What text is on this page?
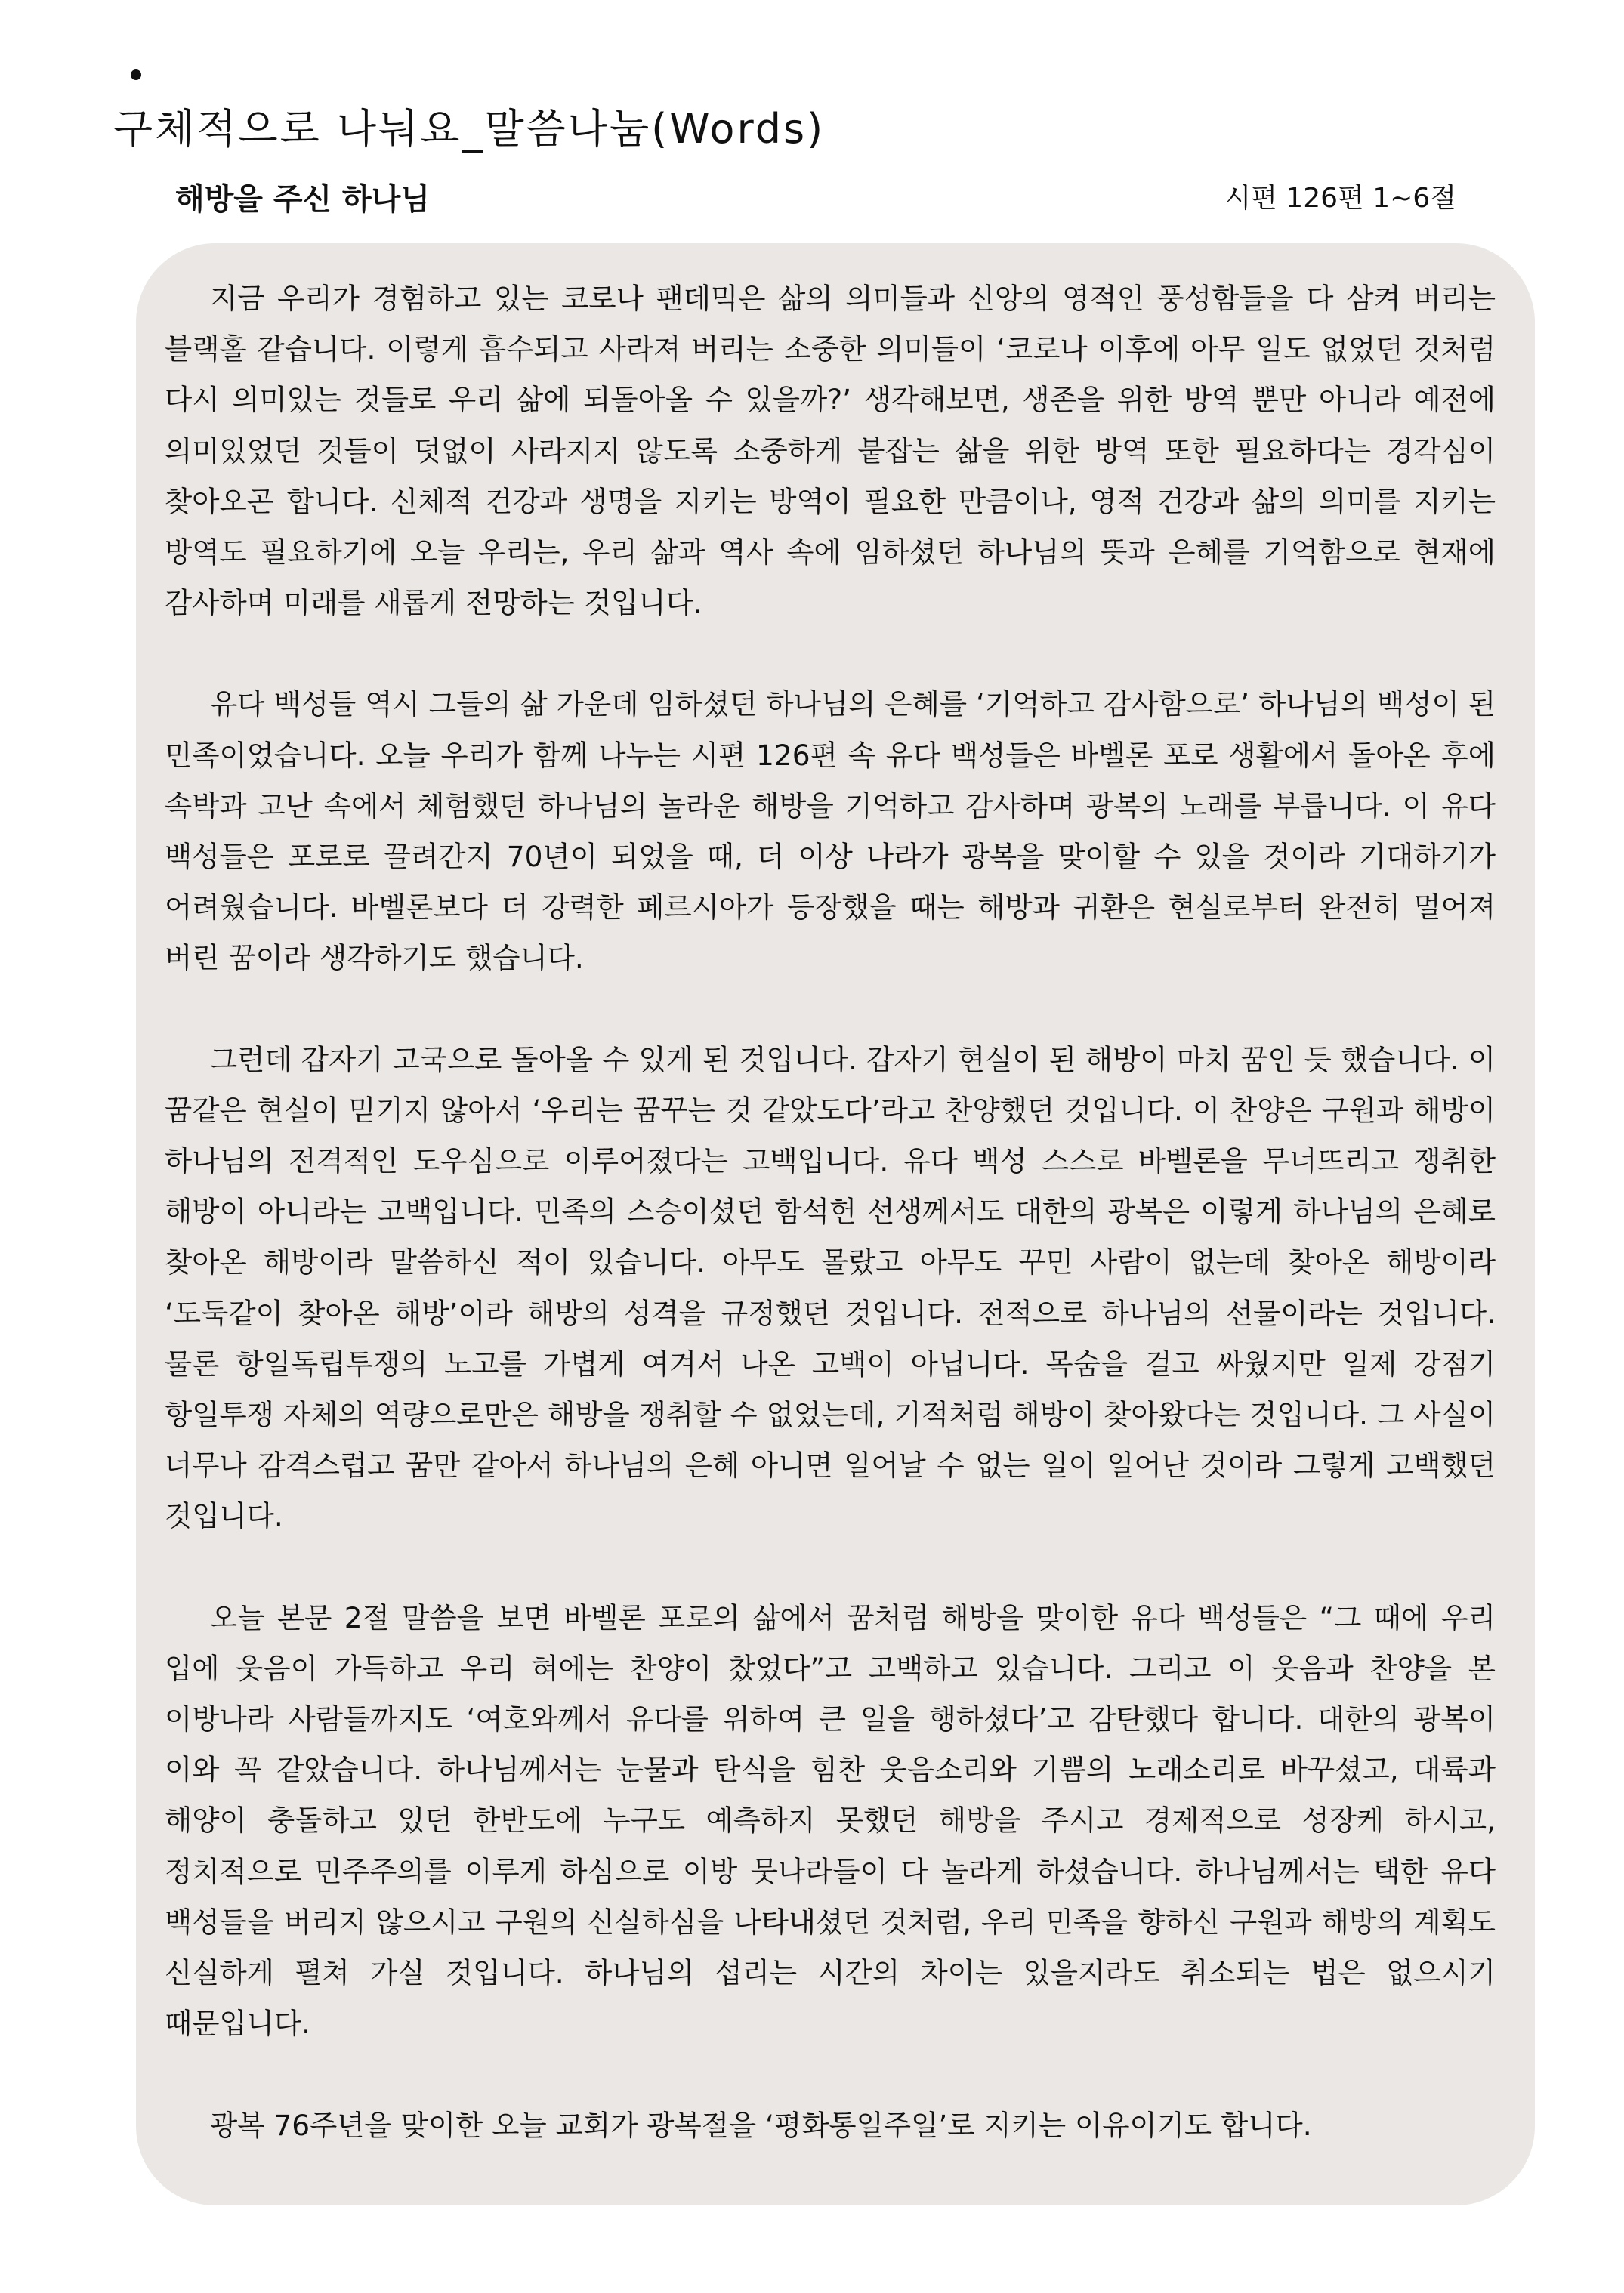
구체적으로 나눠요_말씀나눔(Words)
해방을 주신 하나님	시편 126편 1~6절

지금 우리가 경험하고 있는 코로나 팬데믹은 삶의 의미들과 신앙의 영적인 풍성함들을 다 삼켜 버리는 블랙홀 같습니다. 이렇게 흡수되고 사라져 버리는 소중한 의미들이 ‘코로나 이후에 아무 일도 없었던 것처럼 다시 의미있는 것들로 우리 삶에 되돌아올 수 있을까?’ 생각해보면, 생존을 위한 방역 뿐만 아니라 예전에 의미있었던 것들이 덧없이 사라지지 않도록 소중하게 붙잡는 삶을 위한 방역 또한 필요하다는 경각심이 찾아오곤 합니다. 신체적 건강과 생명을 지키는 방역이 필요한 만큼이나, 영적 건강과 삶의 의미를 지키는 방역도 필요하기에 오늘 우리는, 우리 삶과 역사 속에 임하셨던 하나님의 뜻과 은혜를 기억함으로 현재에 감사하며 미래를 새롭게 전망하는 것입니다.

유다 백성들 역시 그들의 삶 가운데 임하셨던 하나님의 은혜를 ‘기억하고 감사함으로’ 하나님의 백성이 된 민족이었습니다. 오늘 우리가 함께 나누는 시편 126편 속 유다 백성들은 바벨론 포로 생활에서 돌아온 후에 속박과 고난 속에서 체험했던 하나님의 놀라운 해방을 기억하고 감사하며 광복의 노래를 부릅니다. 이 유다 백성들은 포로로 끌려간지 70년이 되었을 때, 더 이상 나라가 광복을 맞이할 수 있을 것이라 기대하기가 어려웠습니다. 바벨론보다 더 강력한 페르시아가 등장했을 때는 해방과 귀환은 현실로부터 완전히 멀어져 버린 꿈이라 생각하기도 했습니다.

그런데 갑자기 고국으로 돌아올 수 있게 된 것입니다. 갑자기 현실이 된 해방이 마치 꿈인 듯 했습니다. 이 꿈같은 현실이 믿기지 않아서 ‘우리는 꿈꾸는 것 같았도다’라고 찬양했던 것입니다. 이 찬양은 구원과 해방이 하나님의 전격적인 도우심으로 이루어졌다는 고백입니다. 유다 백성 스스로 바벨론을 무너뜨리고 쟁취한 해방이 아니라는 고백입니다. 민족의 스승이셨던 함석헌 선생께서도 대한의 광복은 이렇게 하나님의 은혜로 찾아온 해방이라 말씀하신 적이 있습니다. 아무도 몰랐고 아무도 꾸민 사람이 없는데 찾아온 해방이라 ‘도둑같이 찾아온 해방’이라 해방의 성격을 규정했던 것입니다. 전적으로 하나님의 선물이라는 것입니다. 물론 항일독립투쟁의 노고를 가볍게 여겨서 나온 고백이 아닙니다. 목숨을 걸고 싸웠지만 일제 강점기 항일투쟁 자체의 역량으로만은 해방을 쟁취할 수 없었는데, 기적처럼 해방이 찾아왔다는 것입니다. 그 사실이 너무나 감격스럽고 꿈만 같아서 하나님의 은혜 아니면 일어날 수 없는 일이 일어난 것이라 그렇게 고백했던 것입니다.

오늘 본문 2절 말씀을 보면 바벨론 포로의 삶에서 꿈처럼 해방을 맞이한 유다 백성들은 “그 때에 우리 입에 웃음이 가득하고 우리 혀에는 찬양이 찼었다”고 고백하고 있습니다. 그리고 이 웃음과 찬양을 본 이방나라 사람들까지도 ‘여호와께서 유다를 위하여 큰 일을 행하셨다’고 감탄했다 합니다. 대한의 광복이 이와 꼭 같았습니다. 하나님께서는 눈물과 탄식을 힘찬 웃음소리와 기쁨의 노래소리로 바꾸셨고, 대륙과 해양이 충돌하고 있던 한반도에 누구도 예측하지 못했던 해방을 주시고 경제적으로 성장케 하시고, 정치적으로 민주주의를 이루게 하심으로 이방 뭇나라들이 다 놀라게 하셨습니다. 하나님께서는 택한 유다 백성들을 버리지 않으시고 구원의 신실하심을 나타내셨던 것처럼, 우리 민족을 향하신 구원과 해방의 계획도 신실하게 펼쳐 가실 것입니다. 하나님의 섭리는 시간의 차이는 있을지라도 취소되는 법은 없으시기 때문입니다.

광복 76주년을 맞이한 오늘 교회가 광복절을 ‘평화통일주일’로 지키는 이유이기도 합니다.
